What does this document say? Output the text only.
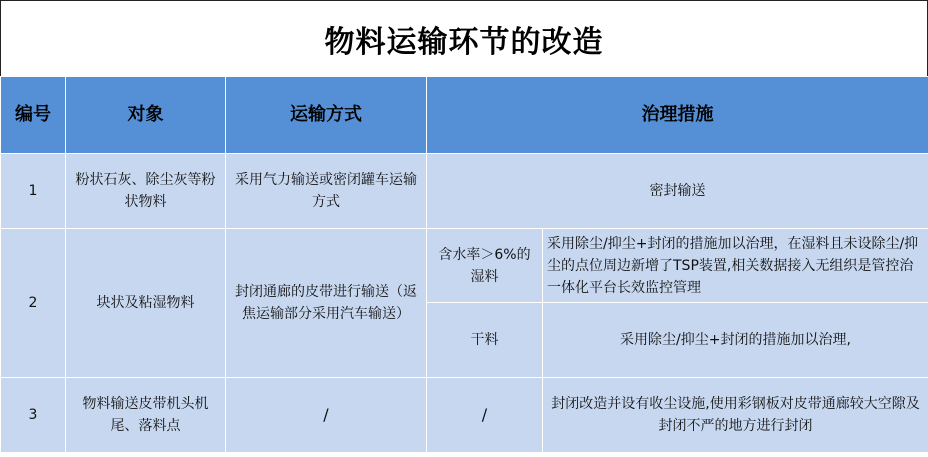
物料运输环节的改造
编号	对象	运输方式	治理措施	
1	粉状石灰、除尘灰等粉状物料	采用气力输送或密闭罐车运输方式	密封输送	
2	块状及粘湿物料	封闭通廊的皮带进行输送（返焦运输部分采用汽车输送）	含水率＞6%的湿料	采用除尘/抑尘+封闭的措施加以治理，在湿料且未设除尘/抑尘的点位周边新增了TSP装置,相关数据接入无组织是管控治一体化平台长效监控管理
			干料	采用除尘/抑尘+封闭的措施加以治理,
3	物料输送皮带机头机尾、落料点	/	/	封闭改造并设有收尘设施,使用彩钢板对皮带通廊较大空隙及封闭不严的地方进行封闭
